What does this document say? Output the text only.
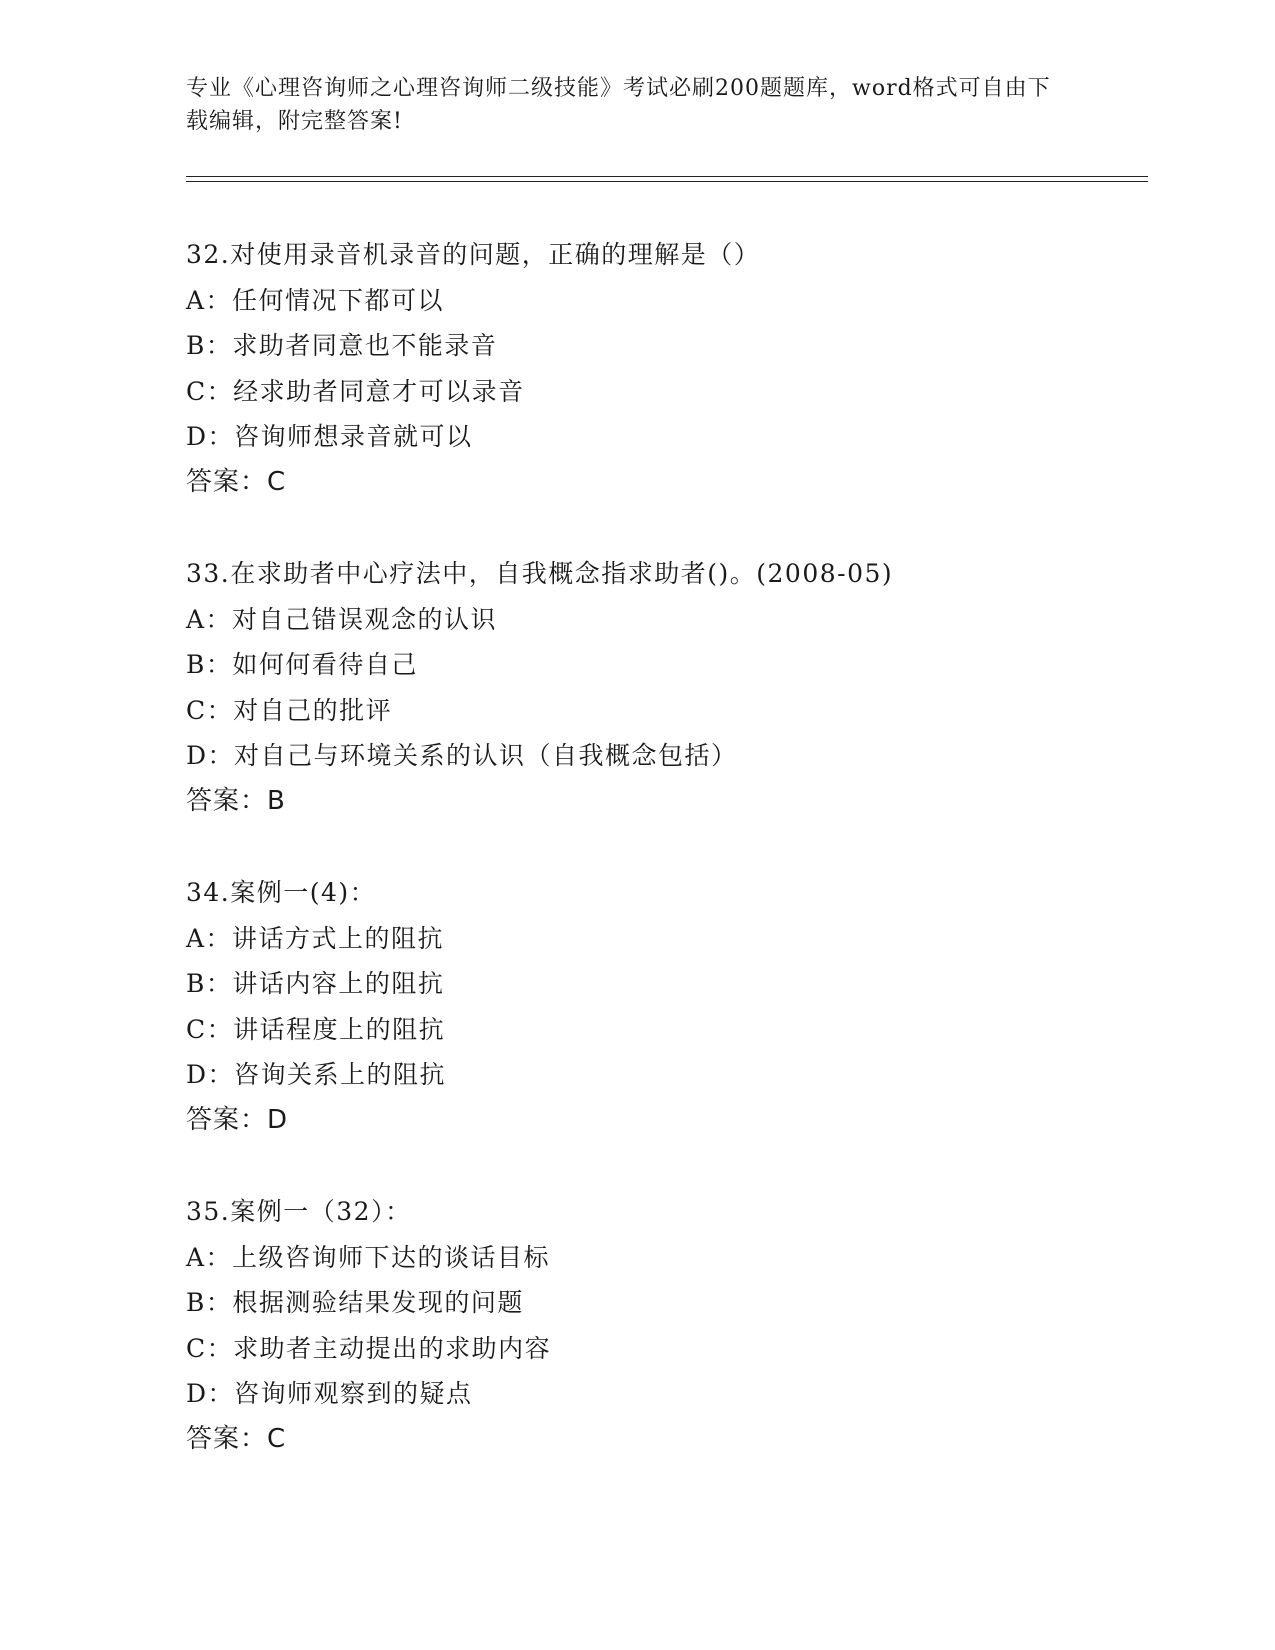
专业《心理咨询师之心理咨询师二级技能》考试必刷200题题库，word格式可自由下载编辑，附完整答案!
32.对使用录音机录音的问题，正确的理解是（）
A：任何情况下都可以
B：求助者同意也不能录音
C：经求助者同意才可以录音
D：咨询师想录音就可以
答案：C
33.在求助者中心疗法中，自我概念指求助者()。(2008-05)
A：对自己错误观念的认识
B：如何何看待自己
C：对自己的批评
D：对自己与环境关系的认识（自我概念包括）
答案：B
34.案例一(4)：
A：讲话方式上的阻抗
B：讲话内容上的阻抗
C：讲话程度上的阻抗
D：咨询关系上的阻抗
答案：D
35.案例一（32）：
A：上级咨询师下达的谈话目标
B：根据测验结果发现的问题
C：求助者主动提出的求助内容
D：咨询师观察到的疑点
答案：C
